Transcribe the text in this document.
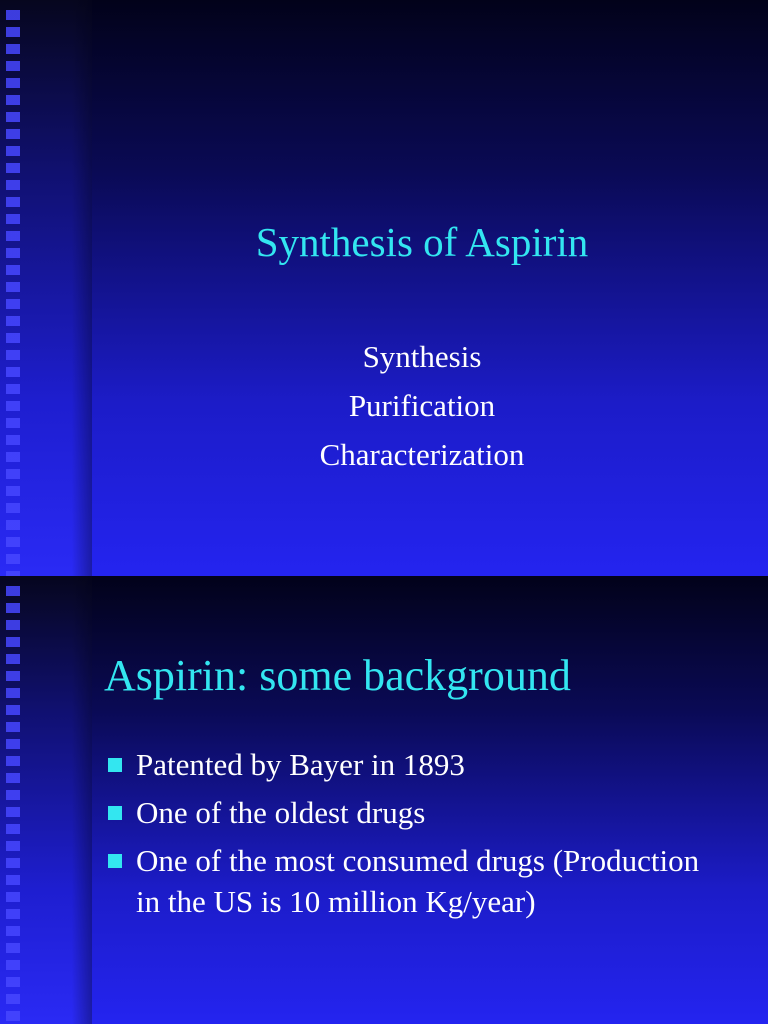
Synthesis of Aspirin
Synthesis
Purification
Characterization
Aspirin: some background
Patented by Bayer in 1893
One of the oldest drugs
One of the most consumed drugs (Production in the US is 10 million Kg/year)
